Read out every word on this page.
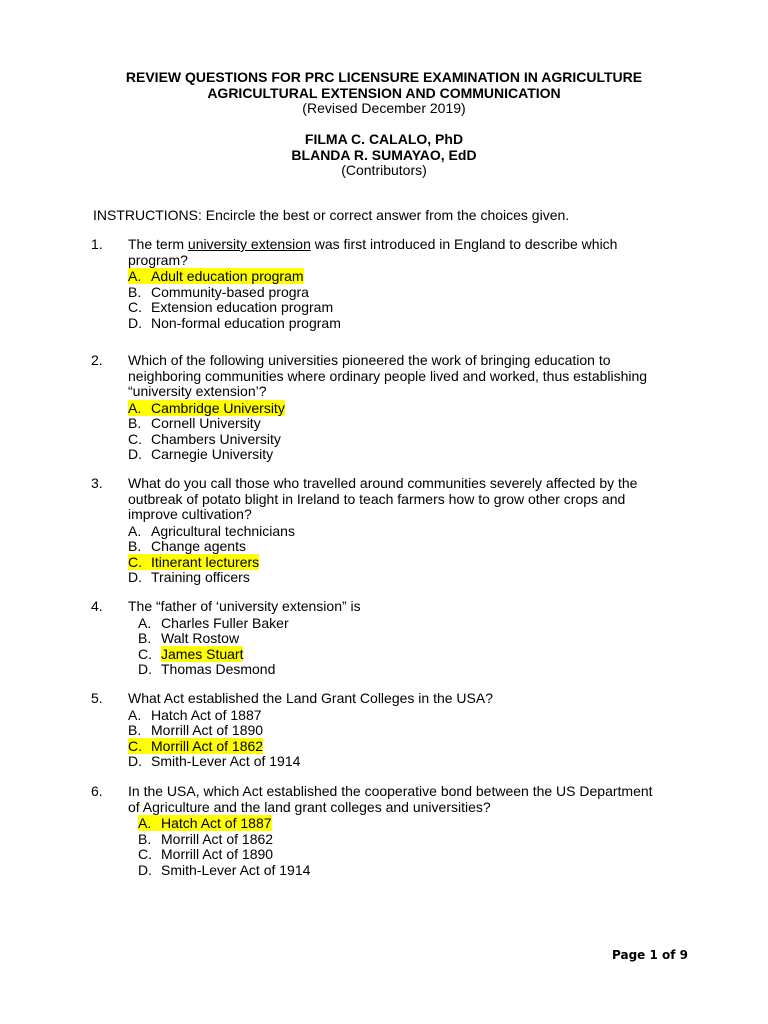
REVIEW QUESTIONS FOR PRC LICENSURE EXAMINATION IN AGRICULTURE
AGRICULTURAL EXTENSION AND COMMUNICATION
(Revised December 2019)
FILMA C. CALALO, PhD
BLANDA R. SUMAYAO, EdD
(Contributors)
INSTRUCTIONS: Encircle the best or correct answer from the choices given.
1. The term university extension was first introduced in England to describe which
program?
A. Adult education program
B. Community-based progra
C. Extension education program
D. Non-formal education program
2. Which of the following universities pioneered the work of bringing education to
neighboring communities where ordinary people lived and worked, thus establishing
“university extension’?
A. Cambridge University
B. Cornell University
C. Chambers University
D. Carnegie University
3. What do you call those who travelled around communities severely affected by the
outbreak of potato blight in Ireland to teach farmers how to grow other crops and
improve cultivation?
A. Agricultural technicians
B. Change agents
C. Itinerant lecturers
D. Training officers
4. The “father of ‘university extension” is
A. Charles Fuller Baker
B. Walt Rostow
C. James Stuart
D. Thomas Desmond
5. What Act established the Land Grant Colleges in the USA?
A. Hatch Act of 1887
B. Morrill Act of 1890
C. Morrill Act of 1862
D. Smith-Lever Act of 1914
6. In the USA, which Act established the cooperative bond between the US Department
of Agriculture and the land grant colleges and universities?
A. Hatch Act of 1887
B. Morrill Act of 1862
C. Morrill Act of 1890
D. Smith-Lever Act of 1914
Page 1 of 9
